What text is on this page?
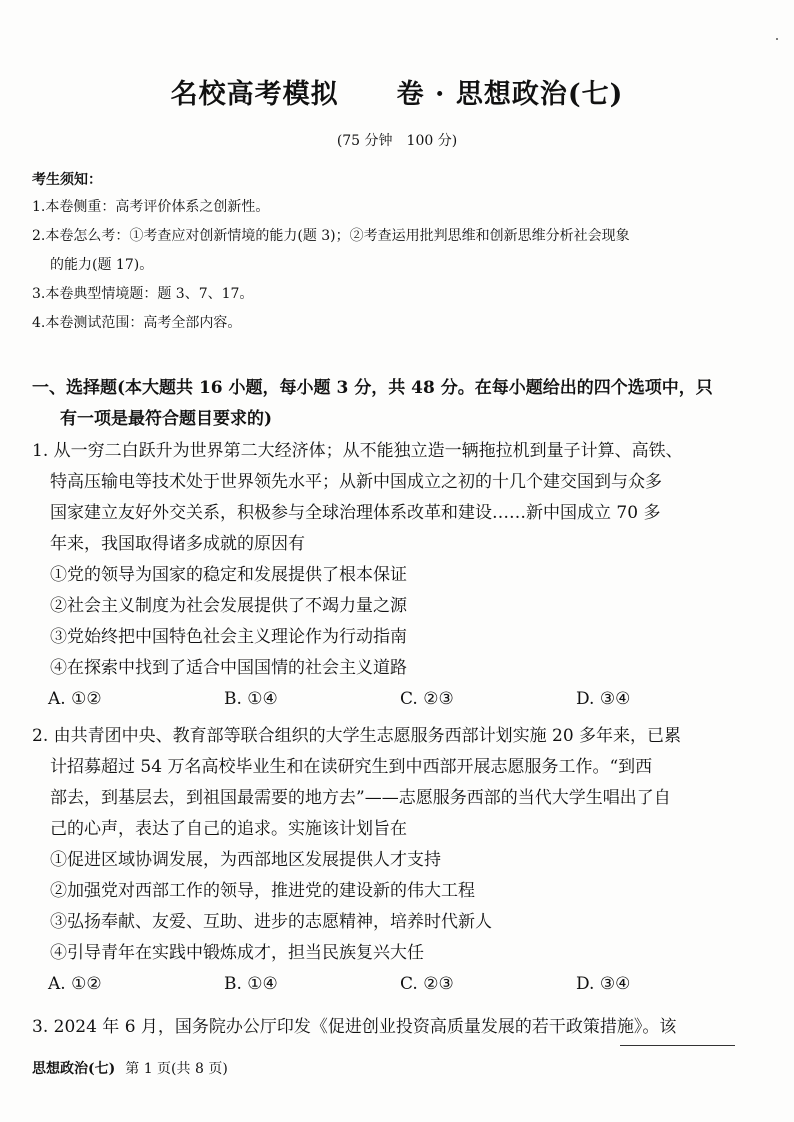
名校高考模拟 卷 · 思想政治(七)
(75 分钟　100 分)
考生须知：
1.本卷侧重：高考评价体系之创新性。
2.本卷怎么考：①考查应对创新情境的能力(题 3)；②考查运用批判思维和创新思维分析社会现象
的能力(题 17)。
3.本卷典型情境题：题 3、7、17。
4.本卷测试范围：高考全部内容。
一、选择题(本大题共 16 小题，每小题 3 分，共 48 分。在每小题给出的四个选项中，只
有一项是最符合题目要求的)
1. 从一穷二白跃升为世界第二大经济体；从不能独立造一辆拖拉机到量子计算、高铁、
特高压输电等技术处于世界领先水平；从新中国成立之初的十几个建交国到与众多
国家建立友好外交关系，积极参与全球治理体系改革和建设……新中国成立 70 多
年来，我国取得诸多成就的原因有
①党的领导为国家的稳定和发展提供了根本保证
②社会主义制度为社会发展提供了不竭力量之源
③党始终把中国特色社会主义理论作为行动指南
④在探索中找到了适合中国国情的社会主义道路
A. ①②	B. ①④	C. ②③	D. ③④
2. 由共青团中央、教育部等联合组织的大学生志愿服务西部计划实施 20 多年来，已累
计招募超过 54 万名高校毕业生和在读研究生到中西部开展志愿服务工作。“到西
部去，到基层去，到祖国最需要的地方去”——志愿服务西部的当代大学生唱出了自
己的心声，表达了自己的追求。实施该计划旨在
①促进区域协调发展，为西部地区发展提供人才支持
②加强党对西部工作的领导，推进党的建设新的伟大工程
③弘扬奉献、友爱、互助、进步的志愿精神，培养时代新人
④引导青年在实践中锻炼成才，担当民族复兴大任
A. ①②	B. ①④	C. ②③	D. ③④
3. 2024 年 6 月，国务院办公厅印发《促进创业投资高质量发展的若干政策措施》。该
思想政治(七) 第 1 页(共 8 页)
